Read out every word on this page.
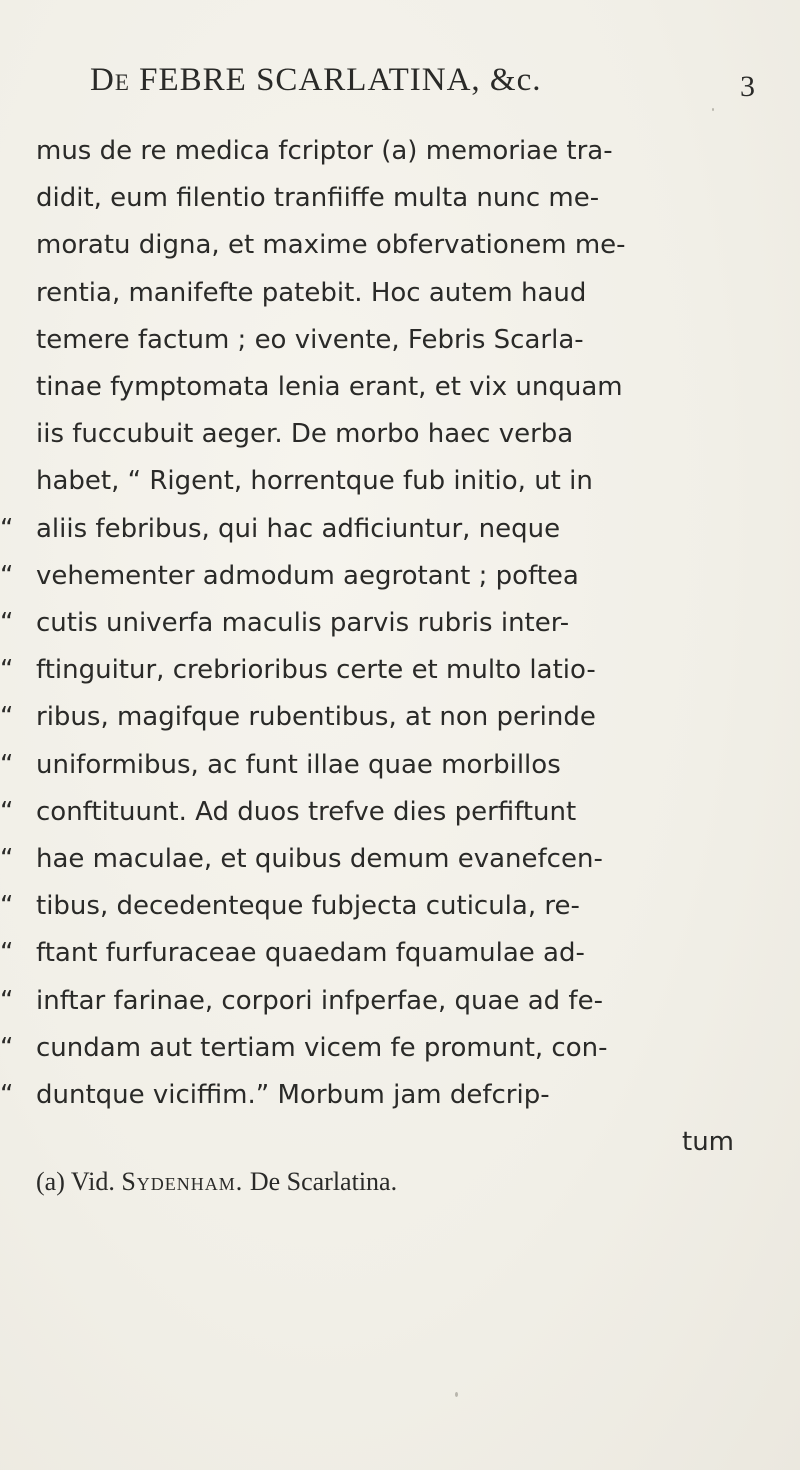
De FEBRE SCARLATINA, &c.	3
mus de re medica fcriptor (a) memoriae tra-
didit, eum filentio tranfiiffe multa nunc me-
moratu digna, et maxime obfervationem me-
rentia, manifefte patebit. Hoc autem haud
temere factum ; eo vivente, Febris Scarla-
tinae fymptomata lenia erant, et vix unquam
iis fuccubuit aeger. De morbo haec verba
habet, “ Rigent, horrentque fub initio, ut in
“ aliis febribus, qui hac adficiuntur, neque
“ vehementer admodum aegrotant ; poftea
“ cutis univerfa maculis parvis rubris inter-
“ ftinguitur, crebrioribus certe et multo latio-
“ ribus, magifque rubentibus, at non perinde
“ uniformibus, ac funt illae quae morbillos
“ conftituunt. Ad duos trefve dies perfiftunt
“ hae maculae, et quibus demum evanefcen-
“ tibus, decedenteque fubjecta cuticula, re-
“ ftant furfuraceae quaedam fquamulae ad-
“ inftar farinae, corpori infperfae, quae ad fe-
“ cundam aut tertiam vicem fe promunt, con-
“ duntque viciffim.” Morbum jam defcrip-
tum
(a) Vid. Sydenham. De Scarlatina.
